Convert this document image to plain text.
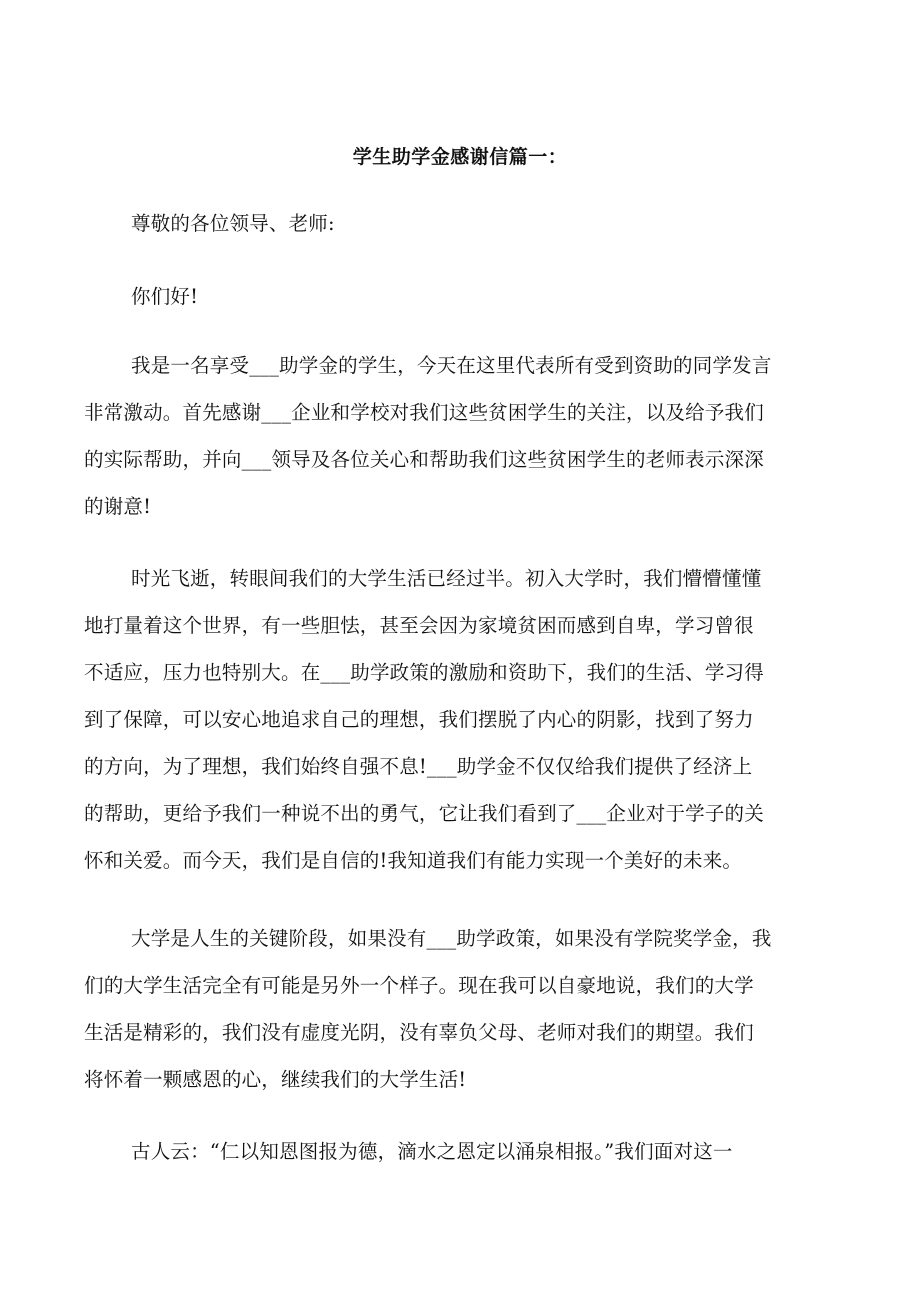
学生助学金感谢信篇一：
尊敬的各位领导、老师:
你们好!
我是一名享受___助学金的学生，今天在这里代表所有受到资助的同学发言
非常激动。首先感谢___企业和学校对我们这些贫困学生的关注，以及给予我们
的实际帮助，并向___领导及各位关心和帮助我们这些贫困学生的老师表示深深
的谢意!
时光飞逝，转眼间我们的大学生活已经过半。初入大学时，我们懵懵懂懂
地打量着这个世界，有一些胆怯，甚至会因为家境贫困而感到自卑，学习曾很
不适应，压力也特别大。在___助学政策的激励和资助下，我们的生活、学习得
到了保障，可以安心地追求自己的理想，我们摆脱了内心的阴影，找到了努力
的方向，为了理想，我们始终自强不息!___助学金不仅仅给我们提供了经济上
的帮助，更给予我们一种说不出的勇气，它让我们看到了___企业对于学子的关
怀和关爱。而今天，我们是自信的!我知道我们有能力实现一个美好的未来。
大学是人生的关键阶段，如果没有___助学政策，如果没有学院奖学金，我
们的大学生活完全有可能是另外一个样子。现在我可以自豪地说，我们的大学
生活是精彩的，我们没有虚度光阴，没有辜负父母、老师对我们的期望。我们
将怀着一颗感恩的心，继续我们的大学生活!
古人云：“仁以知恩图报为德，滴水之恩定以涌泉相报。”我们面对这一
